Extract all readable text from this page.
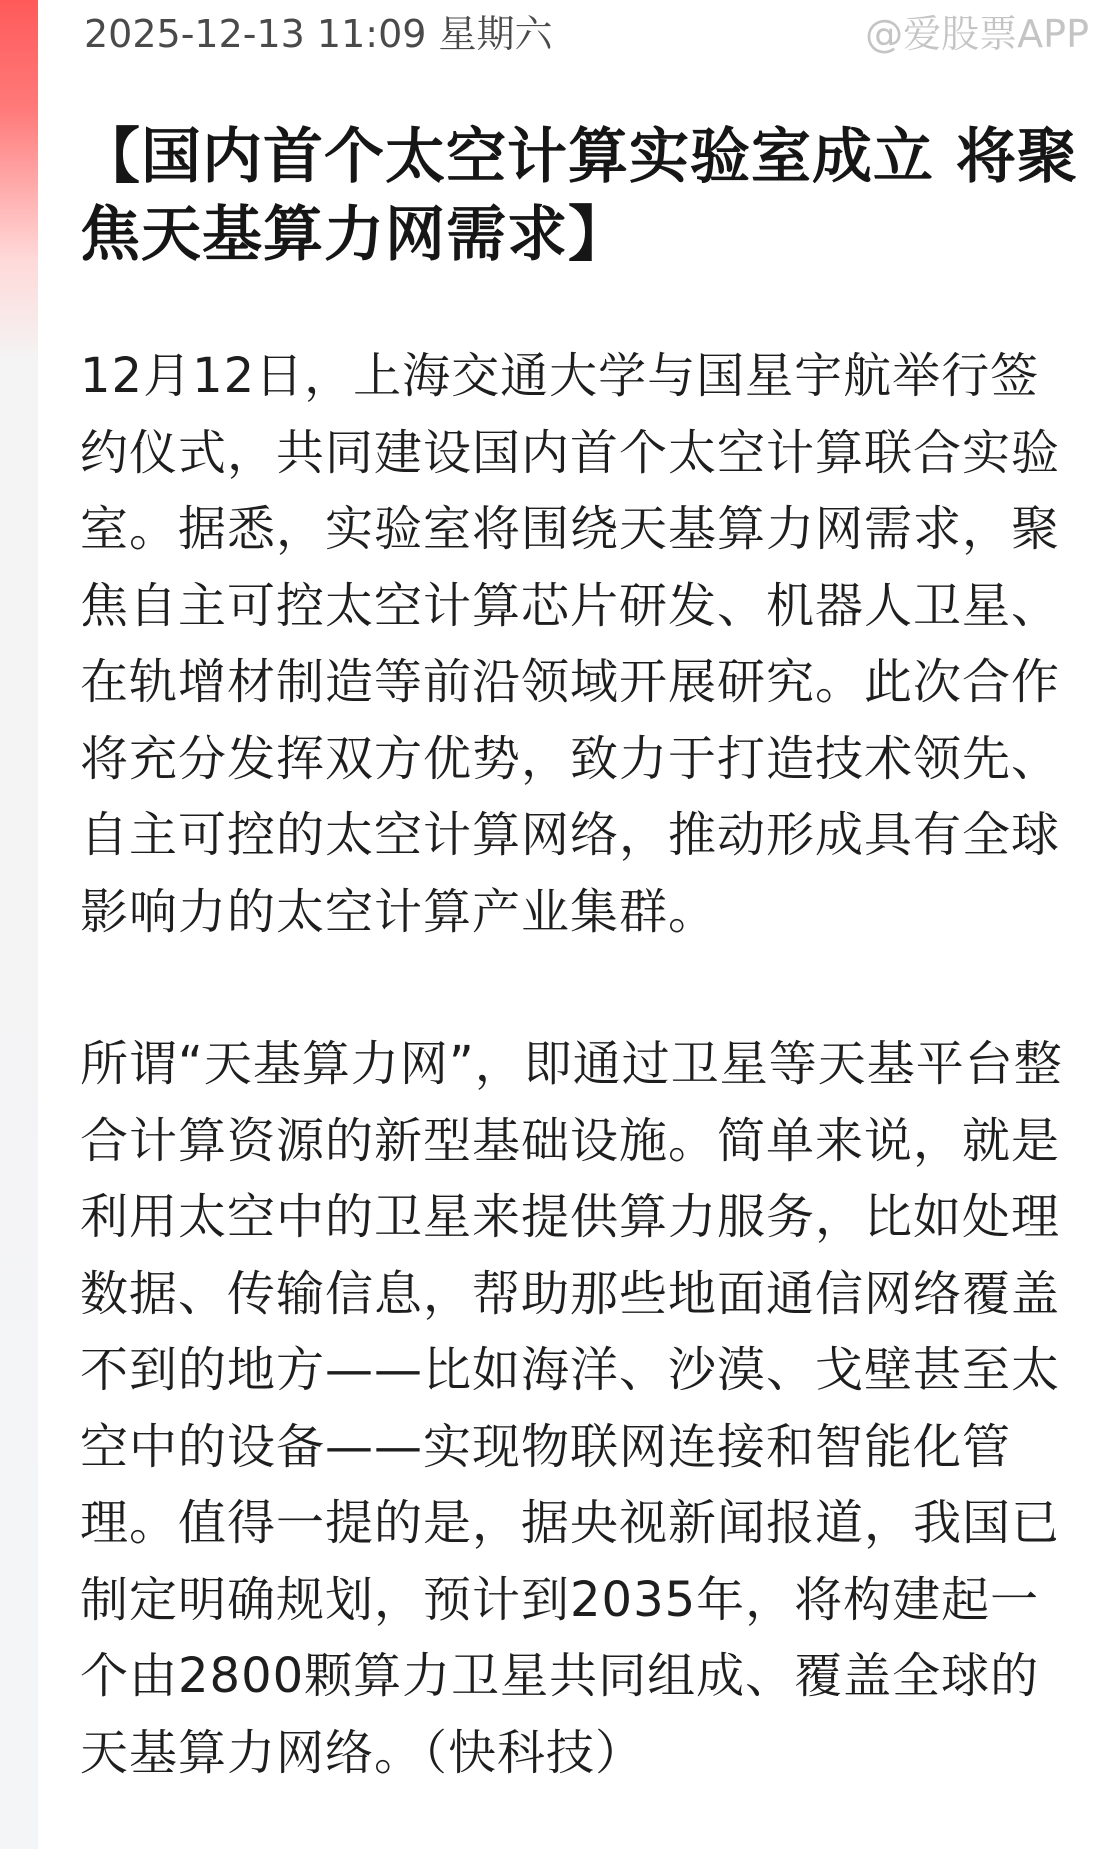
2025-12-13 11:09 星期六	@爱股票APP
【国内首个太空计算实验室成立 将聚焦天基算力网需求】

12月12日，上海交通大学与国星宇航举行签约仪式，共同建设国内首个太空计算联合实验室。据悉，实验室将围绕天基算力网需求，聚焦自主可控太空计算芯片研发、机器人卫星、在轨增材制造等前沿领域开展研究。此次合作将充分发挥双方优势，致力于打造技术领先、自主可控的太空计算网络，推动形成具有全球影响力的太空计算产业集群。

所谓“天基算力网”，即通过卫星等天基平台整合计算资源的新型基础设施。简单来说，就是利用太空中的卫星来提供算力服务，比如处理数据、传输信息，帮助那些地面通信网络覆盖不到的地方——比如海洋、沙漠、戈壁甚至太空中的设备——实现物联网连接和智能化管理。值得一提的是，据央视新闻报道，我国已制定明确规划，预计到2035年，将构建起一个由2800颗算力卫星共同组成、覆盖全球的天基算力网络。（快科技）
